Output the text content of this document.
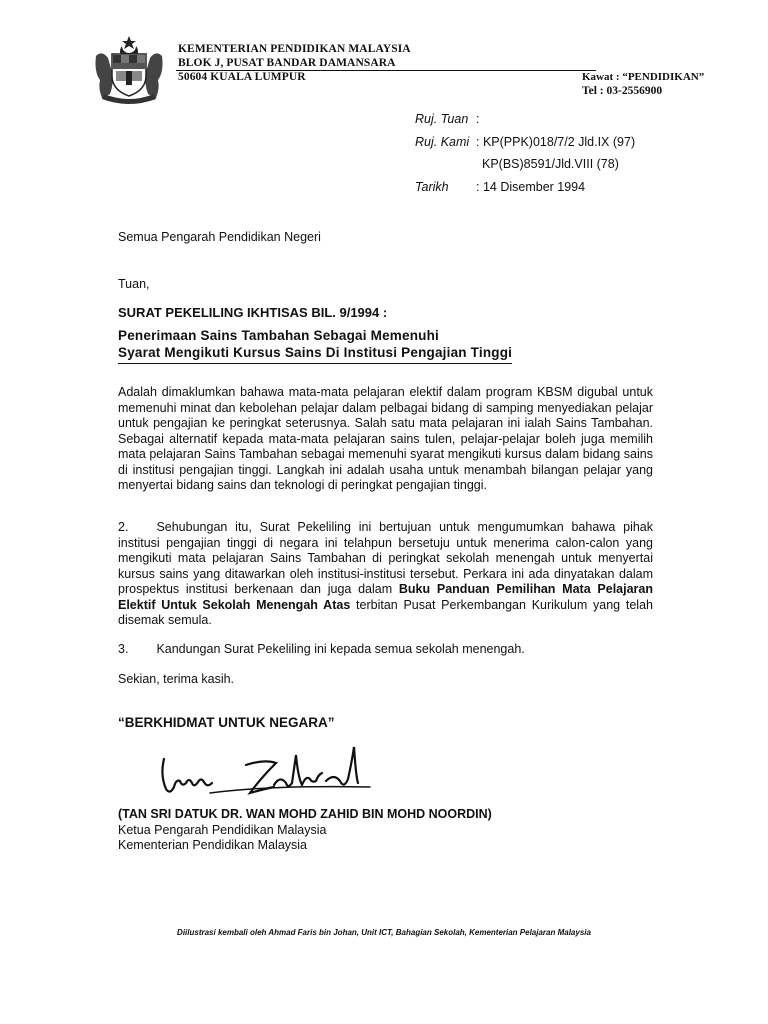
KEMENTERIAN PENDIDIKAN MALAYSIA
BLOK J, PUSAT BANDAR DAMANSARA
50604 KUALA LUMPUR	Kawat : “PENDIDIKAN”
Tel : 03-2556900
Ruj. Tuan :
Ruj. Kami : KP(PPK)018/7/2 Jld.IX (97)
KP(BS)8591/Jld.VIII (78)
Tarikh	: 14 Disember 1994
Semua Pengarah Pendidikan Negeri
Tuan,
SURAT PEKELILING IKHTISAS BIL. 9/1994 :
Penerimaan Sains Tambahan Sebagai Memenuhi
Syarat Mengikuti Kursus Sains Di Institusi Pengajian Tinggi

Adalah dimaklumkan bahawa mata-mata pelajaran elektif dalam program KBSM digubal untuk memenuhi minat dan kebolehan pelajar dalam pelbagai bidang di samping menyediakan pelajar untuk pengajian ke peringkat seterusnya. Salah satu mata pelajaran ini ialah Sains Tambahan. Sebagai alternatif kepada mata-mata pelajaran sains tulen, pelajar-pelajar boleh juga memilih mata pelajaran Sains Tambahan sebagai memenuhi syarat mengikuti kursus dalam bidang sains di institusi pengajian tinggi. Langkah ini adalah usaha untuk menambah bilangan pelajar yang menyertai bidang sains dan teknologi di peringkat pengajian tinggi.

2. Sehubungan itu, Surat Pekeliling ini bertujuan untuk mengumumkan bahawa pihak institusi pengajian tinggi di negara ini telahpun bersetuju untuk menerima calon-calon yang mengikuti mata pelajaran Sains Tambahan di peringkat sekolah menengah untuk menyertai kursus sains yang ditawarkan oleh institusi-institusi tersebut. Perkara ini ada dinyatakan dalam prospektus institusi berkenaan dan juga dalam Buku Panduan Pemilihan Mata Pelajaran Elektif Untuk Sekolah Menengah Atas terbitan Pusat Perkembangan Kurikulum yang telah disemak semula.

3. Kandungan Surat Pekeliling ini kepada semua sekolah menengah.
Sekian, terima kasih.
“BERKHIDMAT UNTUK NEGARA”
(TAN SRI DATUK DR. WAN MOHD ZAHID BIN MOHD NOORDIN)
Ketua Pengarah Pendidikan Malaysia
Kementerian Pendidikan Malaysia
Diilustrasi kembali oleh Ahmad Faris bin Johan, Unit ICT, Bahagian Sekolah, Kementerian Pelajaran Malaysia
